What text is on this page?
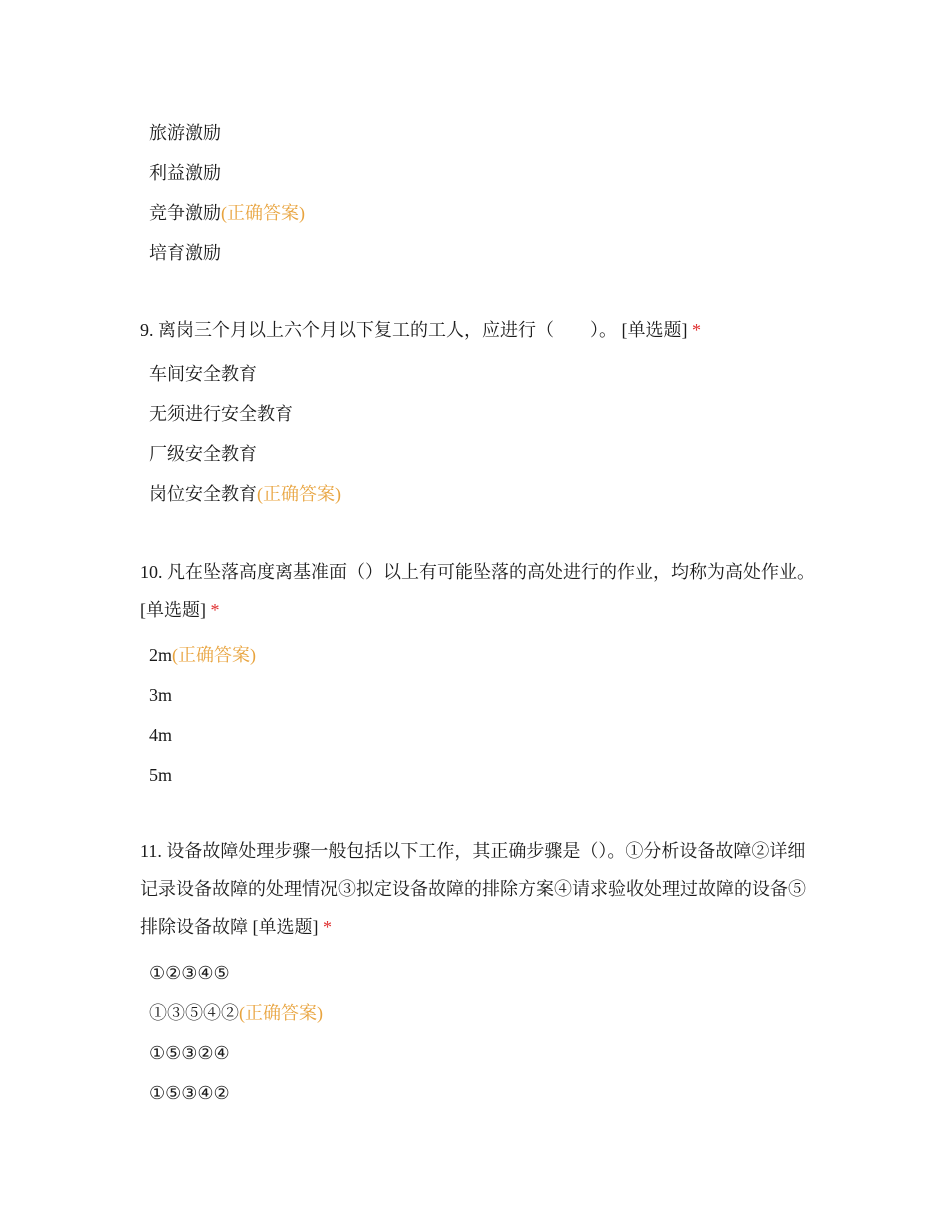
旅游激励
利益激励
竞争激励(正确答案)
培育激励

9. 离岗三个月以上六个月以下复工的工人，应进行（　　）。 [单选题] *

车间安全教育
无须进行安全教育
厂级安全教育
岗位安全教育(正确答案)

10. 凡在坠落高度离基准面（）以上有可能坠落的高处进行的作业，均称为高处作业。 [单选题] *

2m(正确答案)
3m
4m
5m

11. 设备故障处理步骤一般包括以下工作，其正确步骤是（）。①分析设备故障②详细记录设备故障的处理情况③拟定设备故障的排除方案④请求验收处理过故障的设备⑤排除设备故障 [单选题] *

①②③④⑤
①③⑤④②(正确答案)
①⑤③②④
①⑤③④②
